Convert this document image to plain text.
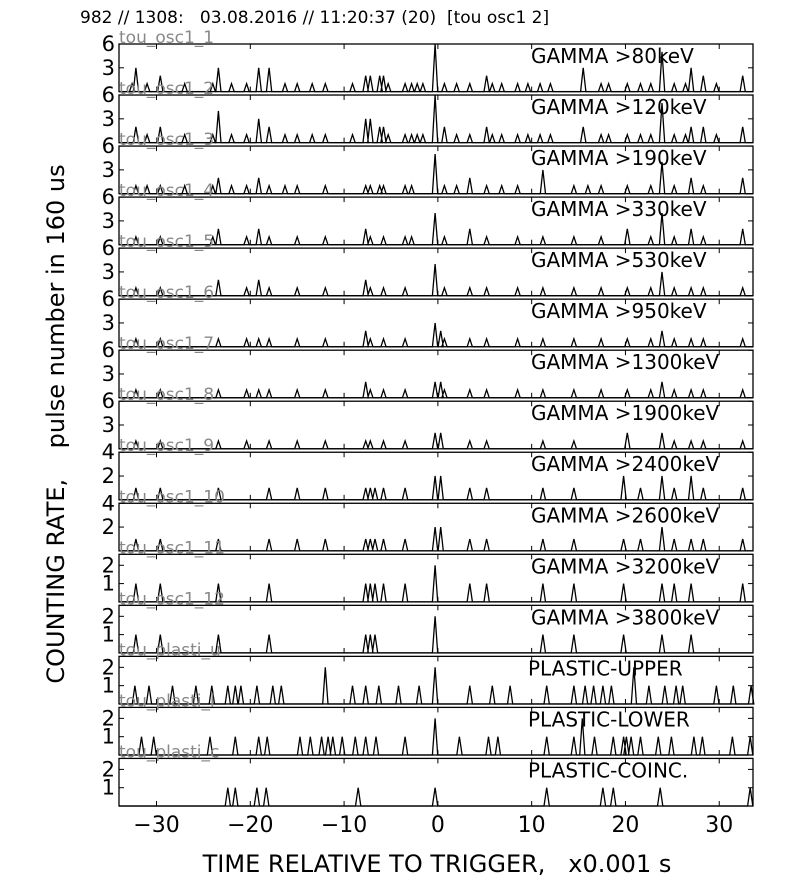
982 // 1308:   03.08.2016 // 11:20:37 (20)  [tou osc1 2]
3
6 tou_osc1_1
GAMMA >80keV
3
6 tou_osc1_2
GAMMA >120keV
3
6 tou_osc1_3
GAMMA >190keV
3
6 tou_osc1_4
GAMMA >330keV
3
6 tou_osc1_5
GAMMA >530keV
3
6 tou_osc1_6
GAMMA >950keV
3
6 tou_osc1_7
GAMMA >1300keV
3
6 tou_osc1_8
GAMMA >1900keV
2
4 tou_osc1_9
GAMMA >2400keV
2
4 tou_osc1_10
GAMMA >2600keV
1
2
tou_osc1_11
GAMMA >3200keV
1
2
tou_osc1_12
GAMMA >3800keV
1
2
tou_plasti_u
PLASTIC-UPPER
1
2
tou_plasti_l
PLASTIC-LOWER
1
2
tou_plasti_c
PLASTIC-COINC.
−30 −20 −10	0	10	20	30
COUNTING RATE,    pulse number in 160 us
TIME RELATIVE TO TRIGGER,   x0.001 s
